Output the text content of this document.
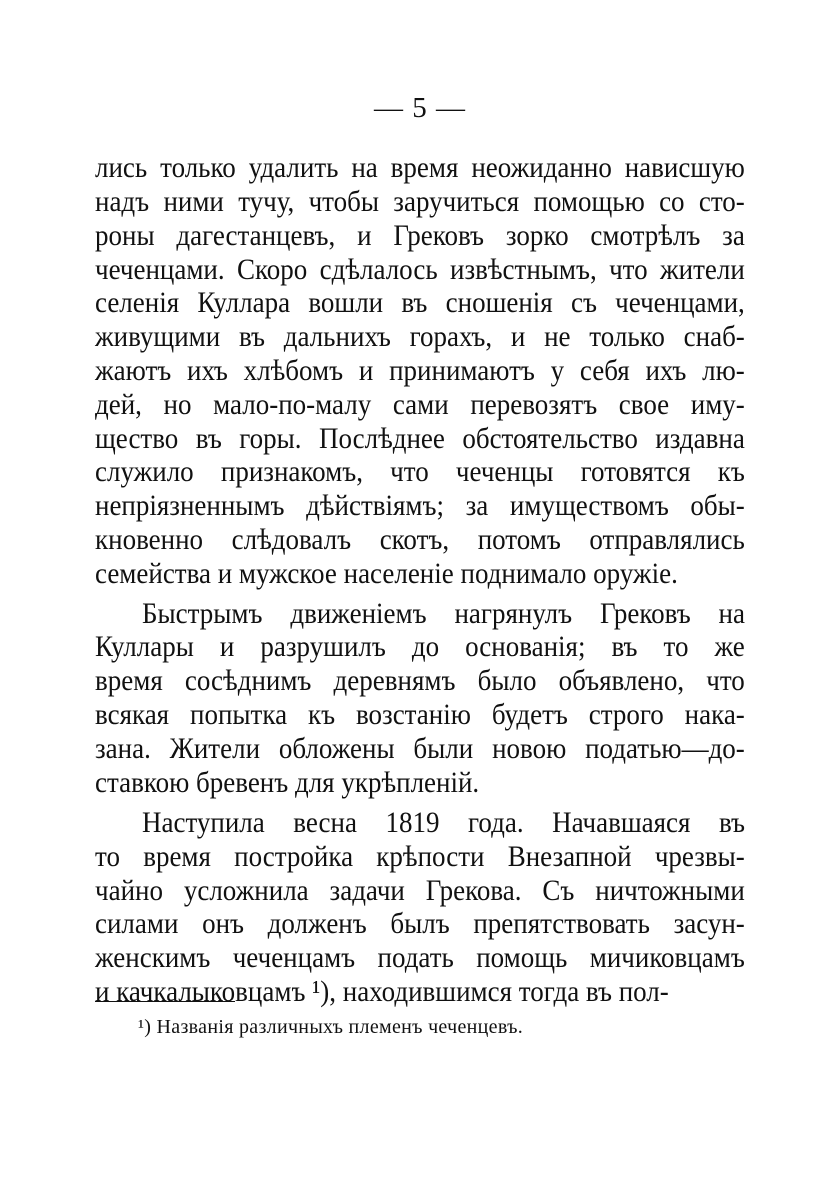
— 5 —
лись только удалить на время неожиданно нависшую
надъ ними тучу, чтобы заручиться помощью со сто-
роны дагестанцевъ, и Грековъ зорко смотрѣлъ за
чеченцами. Скоро сдѣлалось извѣстнымъ, что жители
селенія Куллара вошли въ сношенія съ чеченцами,
живущими въ дальнихъ горахъ, и не только снаб-
жаютъ ихъ хлѣбомъ и принимаютъ у себя ихъ лю-
дей, но мало-по-малу сами перевозятъ свое иму-
щество въ горы. Послѣднее обстоятельство издавна
служило признакомъ, что чеченцы готовятся къ
непріязненнымъ дѣйствіямъ; за имуществомъ обы-
кновенно слѣдовалъ скотъ, потомъ отправлялись
семейства и мужское населеніе поднимало оружіе.
Быстрымъ движеніемъ нагрянулъ Грековъ на
Куллары и разрушилъ до основанія; въ то же
время сосѣднимъ деревнямъ было объявлено, что
всякая попытка къ возстанію будетъ строго нака-
зана. Жители обложены были новою податью—до-
ставкою бревенъ для укрѣпленій.
Наступила весна 1819 года. Начавшаяся въ
то время постройка крѣпости Внезапной чрезвы-
чайно усложнила задачи Грекова. Съ ничтожными
силами онъ долженъ былъ препятствовать засун-
женскимъ чеченцамъ подать помощь мичиковцамъ
и качкалыковцамъ ¹), находившимся тогда въ пол-
¹) Названія различныхъ племенъ чеченцевъ.
